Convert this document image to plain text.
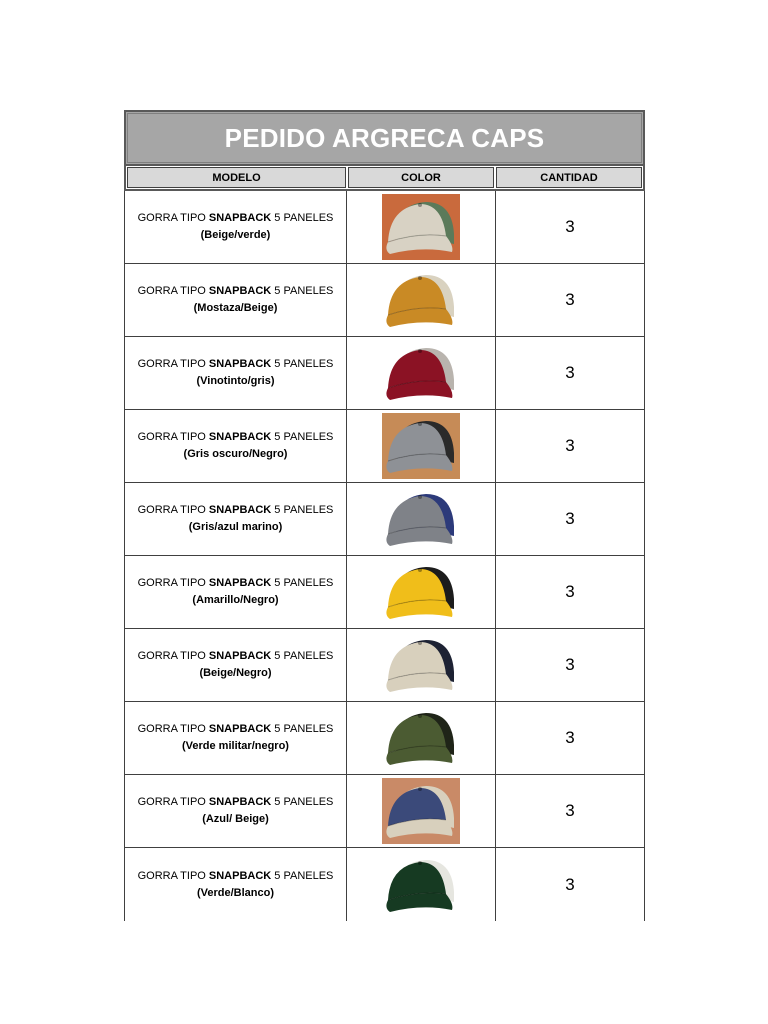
PEDIDO ARGRECA CAPS
MODELO	COLOR	CANTIDAD
GORRA TIPO SNAPBACK 5 PANELES
(Beige/verde)	3
GORRA TIPO SNAPBACK 5 PANELES
(Mostaza/Beige)	3
GORRA TIPO SNAPBACK 5 PANELES
(Vinotinto/gris)	3
GORRA TIPO SNAPBACK 5 PANELES
(Gris oscuro/Negro)	3
GORRA TIPO SNAPBACK 5 PANELES
(Gris/azul marino)	3
GORRA TIPO SNAPBACK 5 PANELES
(Amarillo/Negro)	3
GORRA TIPO SNAPBACK 5 PANELES
(Beige/Negro)	3
GORRA TIPO SNAPBACK 5 PANELES
(Verde militar/negro)	3
GORRA TIPO SNAPBACK 5 PANELES
(Azul/ Beige)	3
GORRA TIPO SNAPBACK 5 PANELES
(Verde/Blanco)	3
